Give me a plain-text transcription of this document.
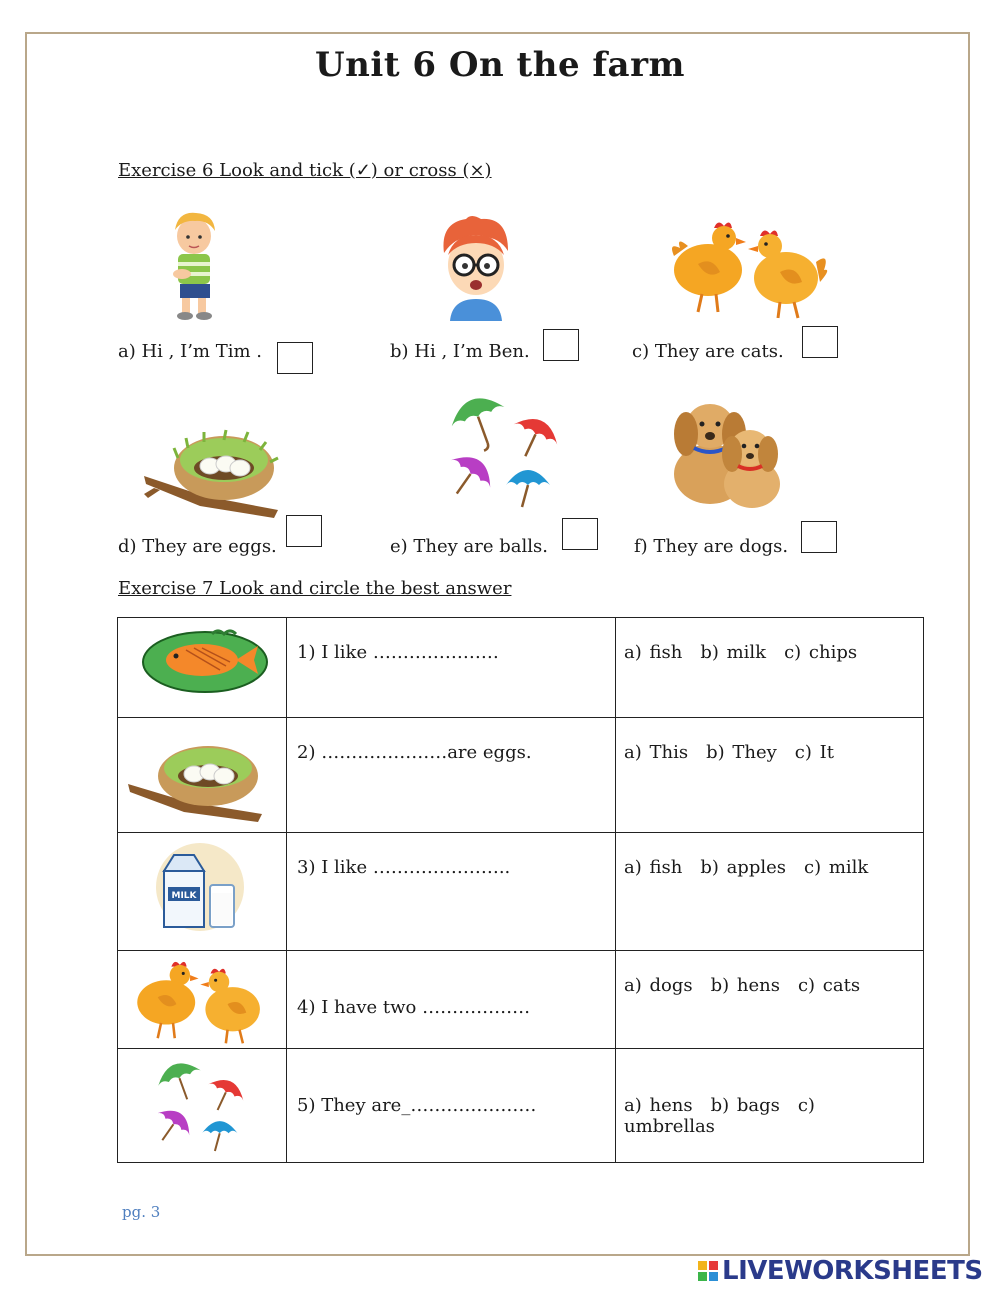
Unit 6 On the farm
Exercise 6 Look and tick (✓) or cross (×)
a) Hi , I’m Tim .	b) Hi , I’m Ben.	c) They are cats.
d) They are eggs.	e) They are balls.	f) They are dogs.
Exercise 7 Look and circle the best answer
	1) I like …………………	a) fish b) milk c) chips

	2) …………………are eggs.	a) This b) They c) It

MILK	3) I like …………………..	a) fish b) apples c) milk

	4) I have two ………………	a) dogs b) hens c) cats

	5) They are_…………………	a) hens b) bags c) umbrellas
pg. 3
LIVEWORKSHEETS
